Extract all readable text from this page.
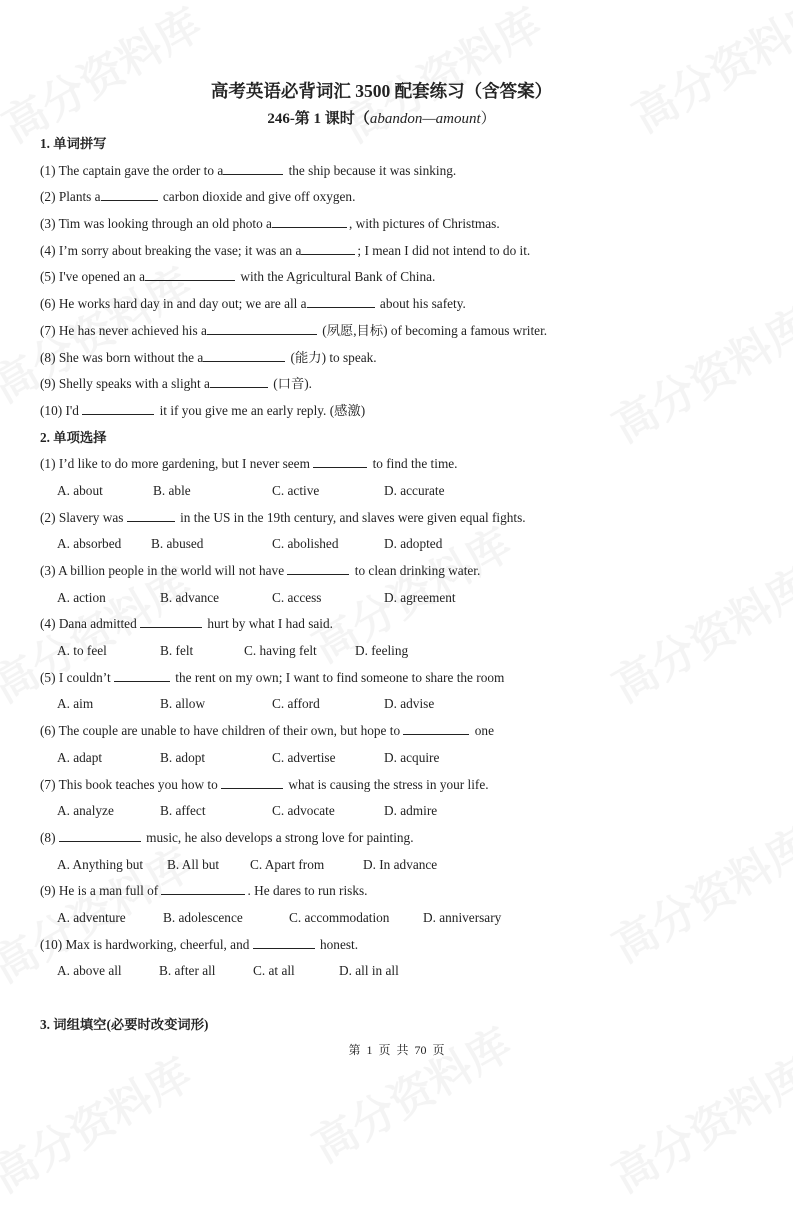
高考英语必背词汇 3500 配套练习（含答案）
246-第 1 课时（abandon—amount）
1. 单词拼写
(1) The captain gave the order to a	the ship because it was sinking.
(2) Plants a	carbon dioxide and give off oxygen.
(3) Tim was looking through an old photo a	, with pictures of Christmas.
(4) I’m sorry about breaking the vase; it was an a	; I mean I did not intend to do it.
(5) I've opened an a	with the Agricultural Bank of China.
(6) He works hard day in and day out; we are all a	about his safety.
(7) He has never achieved his a	(夙愿,目标) of becoming a famous writer.
(8) She was born without the a	(能力) to speak.
(9) Shelly speaks with a slight a	(口音).
(10) I'd	it if you give me an early reply. (感激)
2. 单项选择
(1) I’d like to do more gardening, but I never seem	to find the time.
A. about	B. able	C. active	D. accurate
(2) Slavery was	in the US in the 19th century, and slaves were given equal fights.
A. absorbed B. abused	C. abolished	D. adopted
(3) A billion people in the world will not have	to clean drinking water.
A. action	B. advance	C. access	D. agreement
(4) Dana admitted	hurt by what I had said.
A. to feel	B. felt	C. having felt	D. feeling
(5) I couldn’t	the rent on my own; I want to find someone to share the room
A. aim	B. allow	C. afford	D. advise
(6) The couple are unable to have children of their own, but hope to	one
A. adapt	B. adopt	C. advertise	D. acquire
(7) This book teaches you how to	what is causing the stress in your life.
A. analyze	B. affect	C. advocate	D. admire
(8)	music, he also develops a strong love for painting.
A. Anything but B. All but C. Apart from	D. In advance
(9) He is a man full of	. He dares to run risks.
A. adventure	B. adolescence	C. accommodation	D. anniversary
(10) Max is hardworking, cheerful, and	honest.
A. above all	B. after all	C. at all	D. all in all
3. 词组填空(必要时改变词形)
第 1 页 共 70 页
